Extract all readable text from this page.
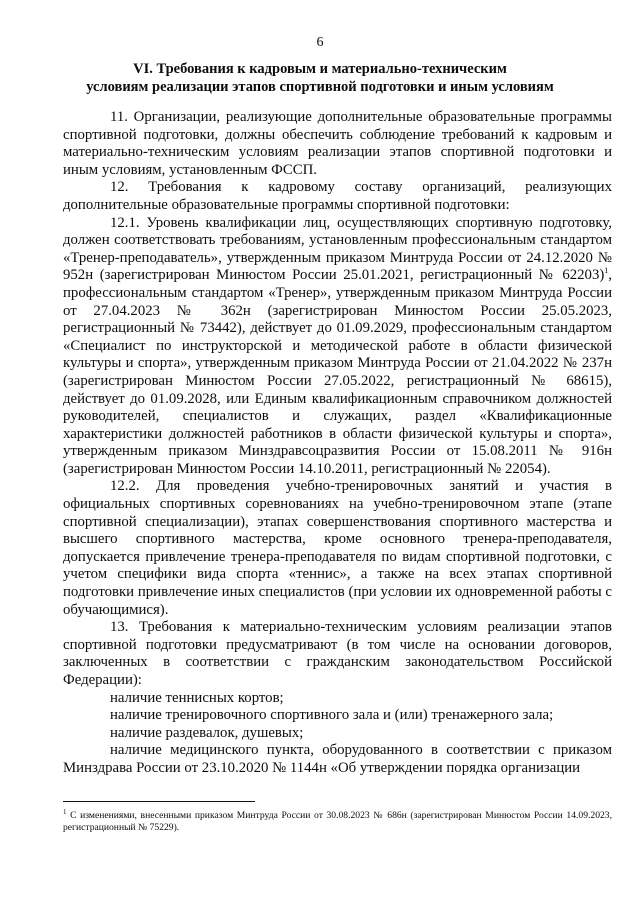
6
VI. Требования к кадровым и материально-техническим
условиям реализации этапов спортивной подготовки и иным условиям

11. Организации, реализующие дополнительные образовательные программы спортивной подготовки, должны обеспечить соблюдение требований к кадровым и материально-техническим условиям реализации этапов спортивной подготовки и иным условиям, установленным ФССП.

12. Требования к кадровому составу организаций, реализующих дополнительные образовательные программы спортивной подготовки:

12.1. Уровень квалификации лиц, осуществляющих спортивную подготовку, должен соответствовать требованиям, установленным профессиональным стандартом «Тренер-преподаватель», утвержденным приказом Минтруда России от 24.12.2020 № 952н (зарегистрирован Минюстом России 25.01.2021, регистрационный № 62203)$^1$, профессиональным стандартом «Тренер», утвержденным приказом Минтруда России от 27.04.2023 № 362н (зарегистрирован Минюстом России 25.05.2023, регистрационный № 73442), действует до 01.09.2029, профессиональным стандартом «Специалист по инструкторской и методической работе в области физической культуры и спорта», утвержденным приказом Минтруда России от 21.04.2022 № 237н (зарегистрирован Минюстом России 27.05.2022, регистрационный № 68615), действует до 01.09.2028, или Единым квалификационным справочником должностей руководителей, специалистов и служащих, раздел «Квалификационные характеристики должностей работников в области физической культуры и спорта», утвержденным приказом Минздравсоцразвития России от 15.08.2011 № 916н (зарегистрирован Минюстом России 14.10.2011, регистрационный № 22054).

12.2. Для проведения учебно-тренировочных занятий и участия в официальных спортивных соревнованиях на учебно-тренировочном этапе (этапе спортивной специализации), этапах совершенствования спортивного мастерства и высшего спортивного мастерства, кроме основного тренера-преподавателя, допускается привлечение тренера-преподавателя по видам спортивной подготовки, с учетом специфики вида спорта «теннис», а также на всех этапах спортивной подготовки привлечение иных специалистов (при условии их одновременной работы с обучающимися).

13. Требования к материально-техническим условиям реализации этапов спортивной подготовки предусматривают (в том числе на основании договоров, заключенных в соответствии с гражданским законодательством Российской Федерации):

наличие теннисных кортов;

наличие тренировочного спортивного зала и (или) тренажерного зала;

наличие раздевалок, душевых;

наличие медицинского пункта, оборудованного в соответствии с приказом Минздрава России от 23.10.2020 № 1144н «Об утверждении порядка организации

$^1$ С изменениями, внесенными приказом Минтруда России от 30.08.2023 № 686н (зарегистрирован Минюстом России 14.09.2023, регистрационный № 75229).
